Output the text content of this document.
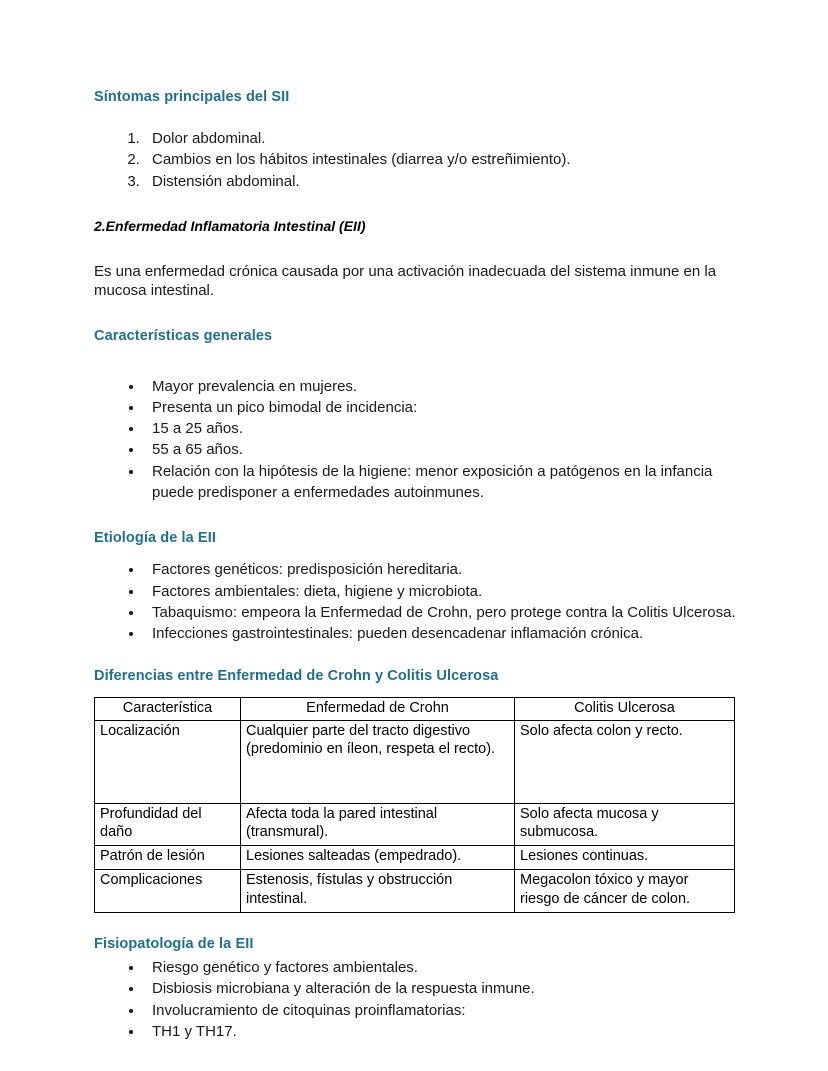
Síntomas principales del SII
1. Dolor abdominal.
2. Cambios en los hábitos intestinales (diarrea y/o estreñimiento).
3. Distensión abdominal.
2.Enfermedad Inflamatoria Intestinal (EII)

Es una enfermedad crónica causada por una activación inadecuada del sistema inmune en la mucosa intestinal.

Características generales
• Mayor prevalencia en mujeres.
• Presenta un pico bimodal de incidencia:
• 15 a 25 años.
• 55 a 65 años.
• Relación con la hipótesis de la higiene: menor exposición a patógenos en la infancia puede predisponer a enfermedades autoinmunes.
Etiología de la EII
• Factores genéticos: predisposición hereditaria.
• Factores ambientales: dieta, higiene y microbiota.
• Tabaquismo: empeora la Enfermedad de Crohn, pero protege contra la Colitis Ulcerosa.
• Infecciones gastrointestinales: pueden desencadenar inflamación crónica.
Diferencias entre Enfermedad de Crohn y Colitis Ulcerosa
Característica	Enfermedad de Crohn	Colitis Ulcerosa
Localización	Cualquier parte del tracto digestivo (predominio en íleon, respeta el recto).	Solo afecta colon y recto.
Profundidad del daño	Afecta toda la pared intestinal (transmural).	Solo afecta mucosa y submucosa.
Patrón de lesión	Lesiones salteadas (empedrado).	Lesiones continuas.
Complicaciones	Estenosis, fístulas y obstrucción intestinal.	Megacolon tóxico y mayor riesgo de cáncer de colon.
Fisiopatología de la EII
• Riesgo genético y factores ambientales.
• Disbiosis microbiana y alteración de la respuesta inmune.
• Involucramiento de citoquinas proinflamatorias:
• TH1 y TH17.
